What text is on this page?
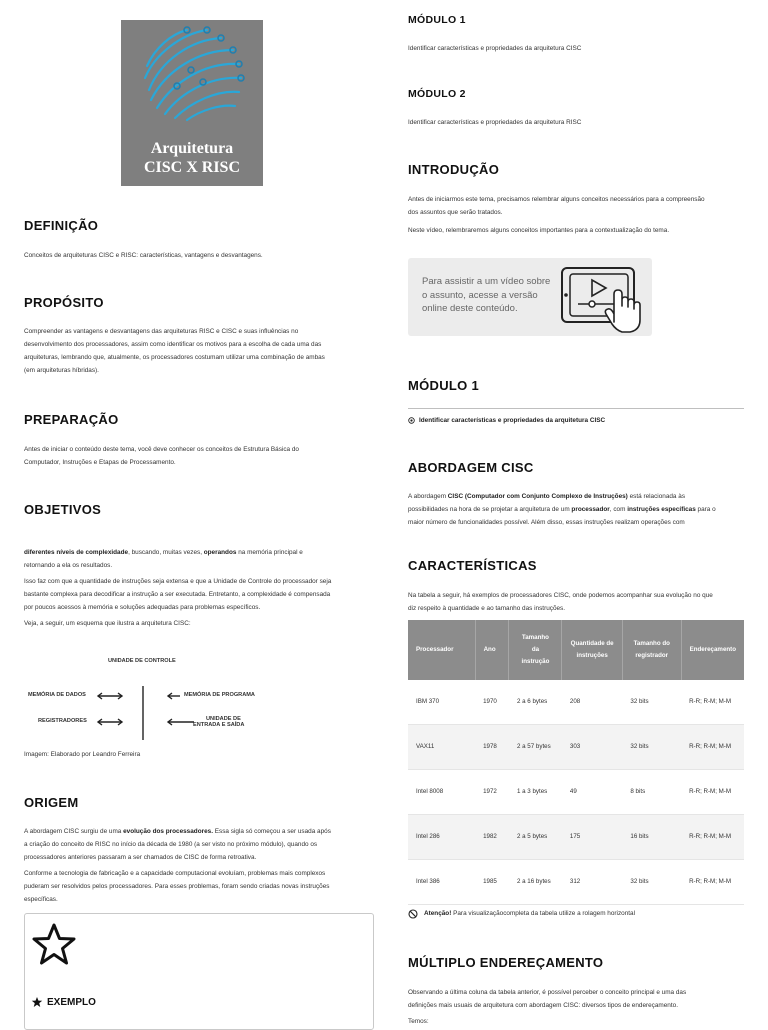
Arquitetura
CISC X RISC
DEFINIÇÃO

Conceitos de arquiteturas CISC e RISC: características, vantagens e desvantagens.

PROPÓSITO
Compreender as vantagens e desvantagens das arquiteturas RISC e CISC e suas influências no
desenvolvimento dos processadores, assim como identificar os motivos para a escolha de cada uma das
arquiteturas, lembrando que, atualmente, os processadores costumam utilizar uma combinação de ambas
(em arquiteturas híbridas).
PREPARAÇÃO
Antes de iniciar o conteúdo deste tema, você deve conhecer os conceitos de Estrutura Básica do
Computador, Instruções e Etapas de Processamento.
OBJETIVOS
diferentes níveis de complexidade, buscando, muitas vezes, operandos na memória principal e
retornando a ela os resultados.
Isso faz com que a quantidade de instruções seja extensa e que a Unidade de Controle do processador seja
bastante complexa para decodificar a instrução a ser executada. Entretanto, a complexidade é compensada
por poucos acessos à memória e soluções adequadas para problemas específicos.
Veja, a seguir, um esquema que ilustra a arquitetura CISC:
UNIDADE DE CONTROLE
MEMÓRIA DE DADOS	MEMÓRIA DE PROGRAMA
REGISTRADORES	UNIDADE DE
ENTRADA E SAÍDA

Imagem: Elaborado por Leandro Ferreira

ORIGEM
A abordagem CISC surgiu de uma evolução dos processadores. Essa sigla só começou a ser usada após
a criação do conceito de RISC no início da década de 1980 (a ser visto no próximo módulo), quando os
processadores anteriores passaram a ser chamados de CISC de forma retroativa.
Conforme a tecnologia de fabricação e a capacidade computacional evoluíam, problemas mais complexos
puderam ser resolvidos pelos processadores. Para esses problemas, foram sendo criadas novas instruções
específicas.
EXEMPLO
MÓDULO 1

Identificar características e propriedades da arquitetura CISC

MÓDULO 2

Identificar características e propriedades da arquitetura RISC

INTRODUÇÃO
Antes de iniciarmos este tema, precisamos relembrar alguns conceitos necessários para a compreensão
dos assuntos que serão tratados.
Neste vídeo, relembraremos alguns conceitos importantes para a contextualização do tema.
Para assistir a um vídeo sobre o assunto, acesse a versão online deste conteúdo.
MÓDULO 1
Identificar características e propriedades da arquitetura CISC
ABORDAGEM CISC
A abordagem CISC (Computador com Conjunto Complexo de Instruções) está relacionada às
possibilidades na hora de se projetar a arquitetura de um processador, com instruções específicas para o
maior número de funcionalidades possível. Além disso, essas instruções realizam operações com
CARACTERÍSTICAS
Na tabela a seguir, há exemplos de processadores CISC, onde podemos acompanhar sua evolução no que
diz respeito à quantidade e ao tamanho das instruções.
Processador	Ano	Tamanho da instrução	Quantidade de instruções	Tamanho do registrador	Endereçamento
IBM 370	1970	2 a 6 bytes	208	32 bits	R-R; R-M; M-M
VAX11	1978	2 a 57 bytes	303	32 bits	R-R; R-M; M-M
Intel 8008	1972	1 a 3 bytes	49	8 bits	R-R; R-M; M-M
Intel 286	1982	2 a 5 bytes	175	16 bits	R-R; R-M; M-M
Intel 386	1985	2 a 16 bytes	312	32 bits	R-R; R-M; M-M
Atenção! Para visualizaçãocompleta da tabela utilize a rolagem horizontal
MÚLTIPLO ENDEREÇAMENTO
Observando a última coluna da tabela anterior, é possível perceber o conceito principal e uma das
definições mais usuais de arquitetura com abordagem CISC: diversos tipos de endereçamento.
Temos:
